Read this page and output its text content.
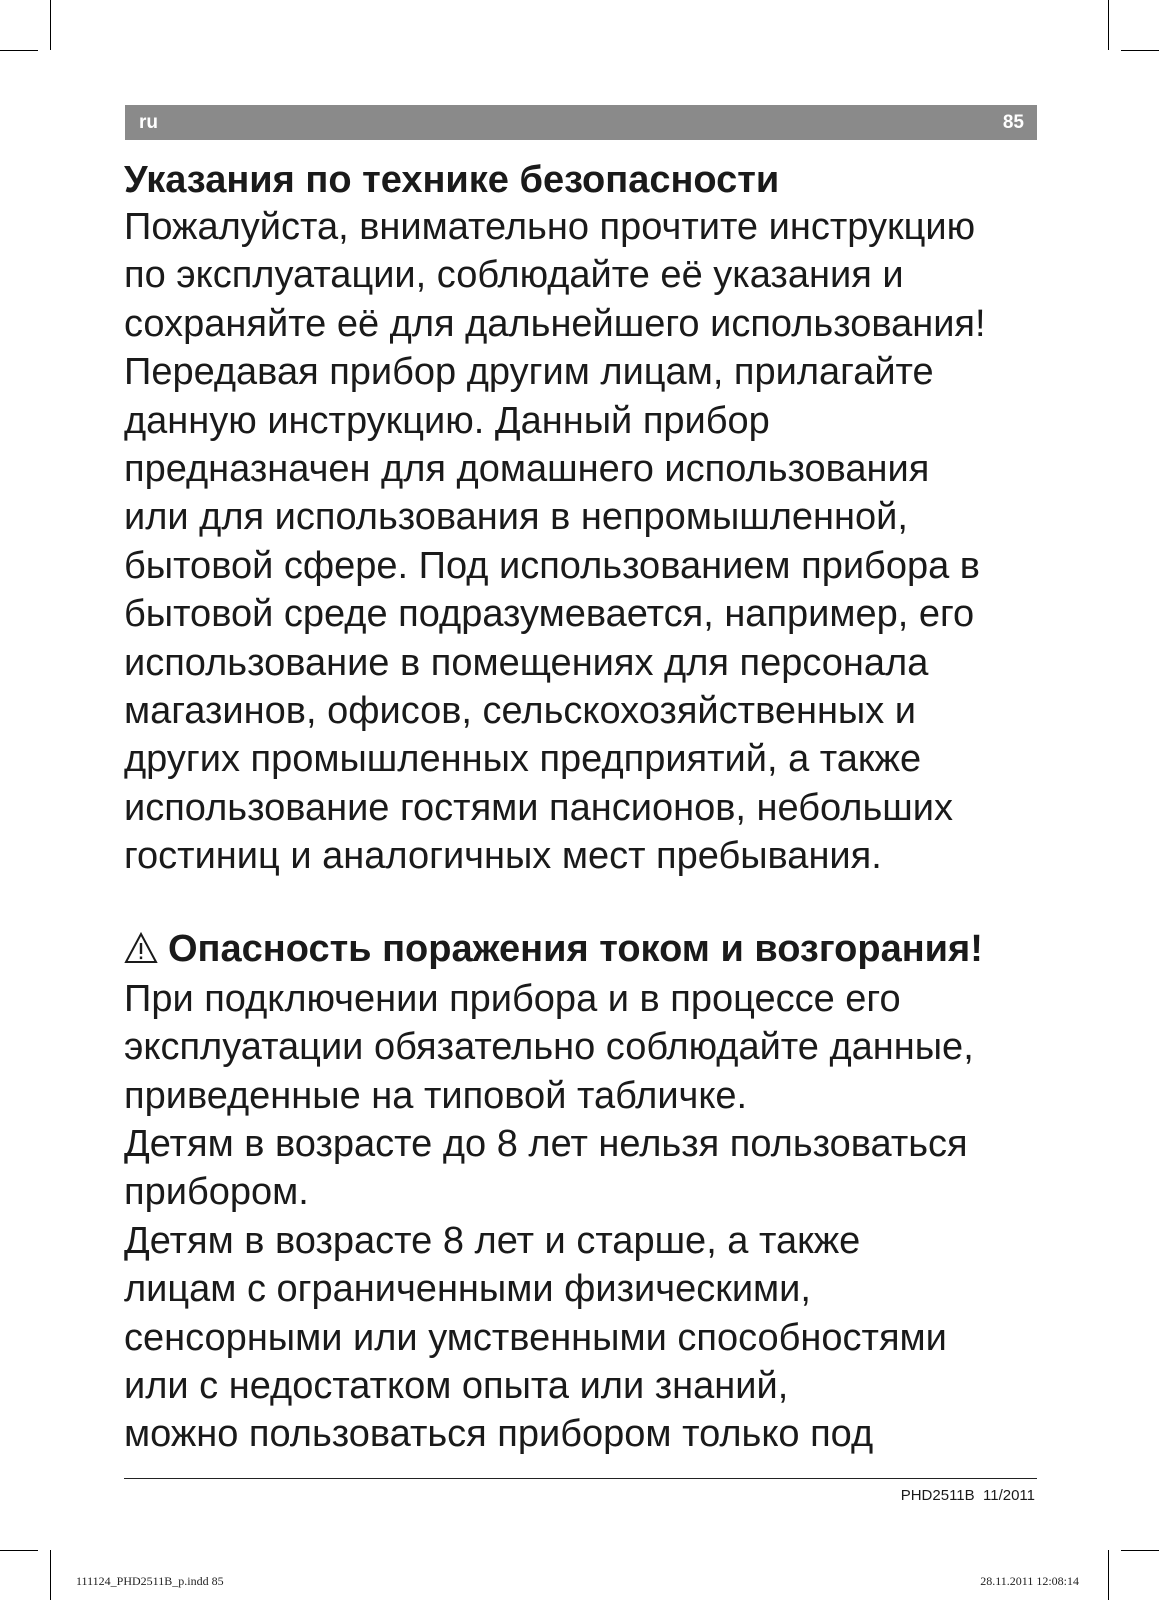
ru	85
Указания по технике безопасности
Пожалуйста, внимательно прочтите инструкцию
по эксплуатации, соблюдайте её указания и
сохраняйте её для дальнейшего использования!
Передавая прибор другим лицам, прилагайте
данную инструкцию. Данный прибор
предназначен для домашнего использования
или для использования в непромышленной,
бытовой сфере. Под использованием прибора в
бытовой среде подразумевается, например, его
использование в помещениях для персонала
магазинов, офисов, сельскохозяйственных и
других промышленных предприятий, а также
использование гостями пансионов, небольших
гостиниц и аналогичных мест пребывания.
Опасность поражения током и возгорания!
При подключении прибора и в процессе его
эксплуатации обязательно соблюдайте данные,
приведенные на типовой табличке.
Детям в возрасте до 8 лет нельзя пользоваться
прибором.
Детям в возрасте 8 лет и старше, а также
лицам с ограниченными физическими,
сенсорными или умственными способностями
или с недостатком опыта или знаний,
можно пользоваться прибором только под
PHD2511B 11/2011
111124_PHD2511B_p.indd 85	28.11.2011 12:08:14
